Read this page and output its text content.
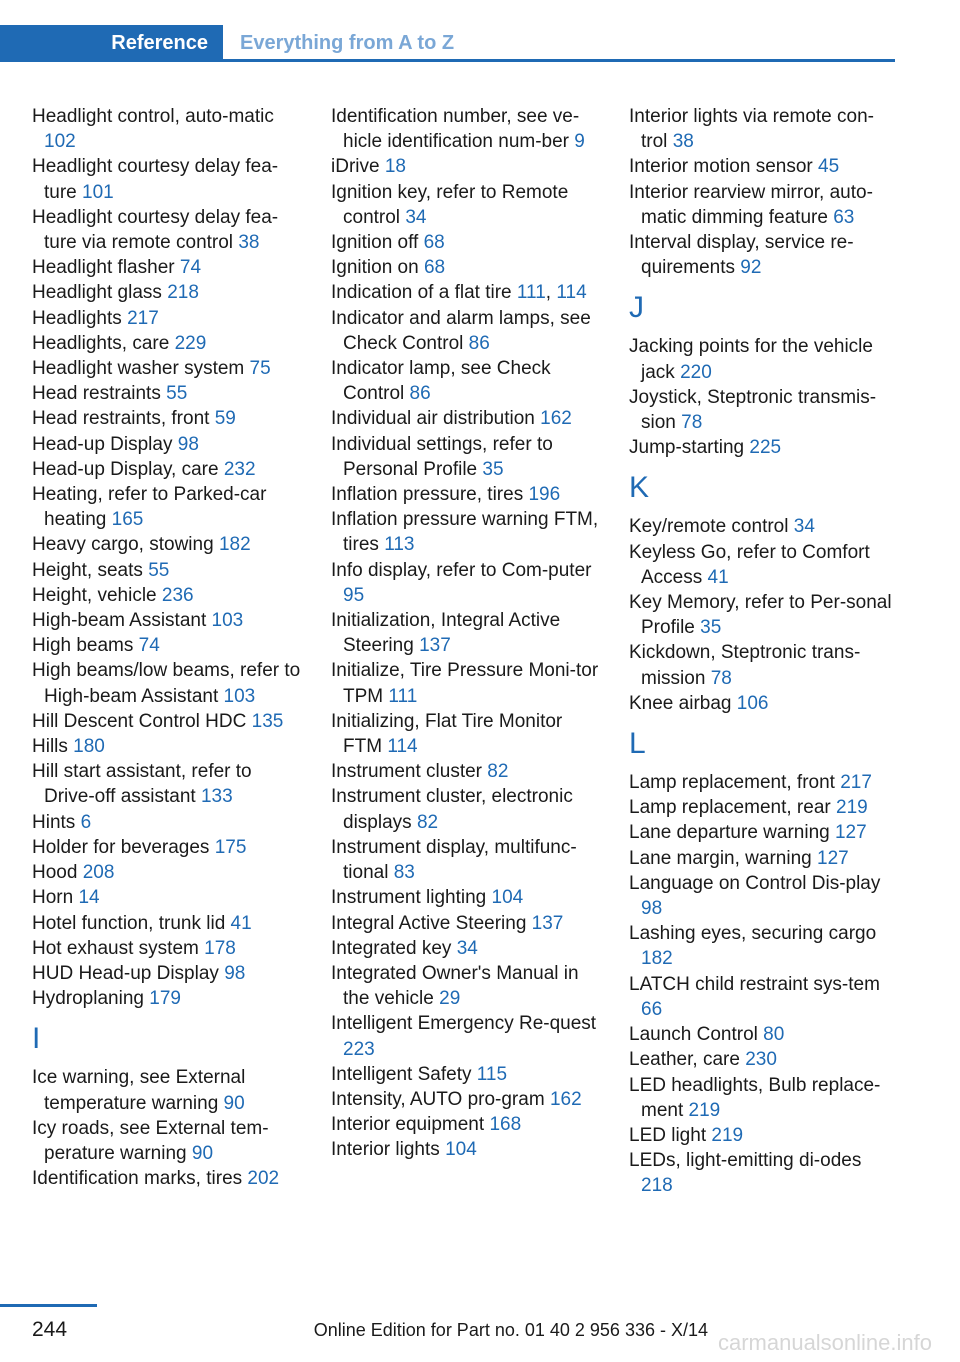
Reference	Everything from A to Z
Headlight control, auto-matic 102
Headlight courtesy delay fea-ture 101
Headlight courtesy delay fea-ture via remote control 38
Headlight flasher 74
Headlight glass 218
Headlights 217
Headlights, care 229
Headlight washer system 75
Head restraints 55
Head restraints, front 59
Head-up Display 98
Head-up Display, care 232
Heating, refer to Parked-car heating 165
Heavy cargo, stowing 182
Height, seats 55
Height, vehicle 236
High-beam Assistant 103
High beams 74
High beams/low beams, refer to High-beam Assistant 103
Hill Descent Control HDC 135
Hills 180
Hill start assistant, refer to Drive-off assistant 133
Hints 6
Holder for beverages 175
Hood 208
Horn 14
Hotel function, trunk lid 41
Hot exhaust system 178
HUD Head-up Display 98
Hydroplaning 179
I
Ice warning, see External temperature warning 90
Icy roads, see External tem-perature warning 90
Identification marks, tires 202
Identification number, see ve-hicle identification num-ber 9
iDrive 18
Ignition key, refer to Remote control 34
Ignition off 68
Ignition on 68
Indication of a flat tire 111, 114
Indicator and alarm lamps, see Check Control 86
Indicator lamp, see Check Control 86
Individual air distribution 162
Individual settings, refer to Personal Profile 35
Inflation pressure, tires 196
Inflation pressure warning FTM, tires 113
Info display, refer to Com-puter 95
Initialization, Integral Active Steering 137
Initialize, Tire Pressure Moni-tor TPM 111
Initializing, Flat Tire Monitor FTM 114
Instrument cluster 82
Instrument cluster, electronic displays 82
Instrument display, multifunc-tional 83
Instrument lighting 104
Integral Active Steering 137
Integrated key 34
Integrated Owner's Manual in the vehicle 29
Intelligent Emergency Re-quest 223
Intelligent Safety 115
Intensity, AUTO pro-gram 162
Interior equipment 168
Interior lights 104
Interior lights via remote con-trol 38
Interior motion sensor 45
Interior rearview mirror, auto-matic dimming feature 63
Interval display, service re-quirements 92
J
Jacking points for the vehicle jack 220
Joystick, Steptronic transmis-sion 78
Jump-starting 225
K
Key/remote control 34
Keyless Go, refer to Comfort Access 41
Key Memory, refer to Per-sonal Profile 35
Kickdown, Steptronic trans-mission 78
Knee airbag 106
L
Lamp replacement, front 217
Lamp replacement, rear 219
Lane departure warning 127
Lane margin, warning 127
Language on Control Dis-play 98
Lashing eyes, securing cargo 182
LATCH child restraint sys-tem 66
Launch Control 80
Leather, care 230
LED headlights, Bulb replace-ment 219
LED light 219
LEDs, light-emitting di-odes 218
244	Online Edition for Part no. 01 40 2 956 336 - X/14 carmanualsonline.info
